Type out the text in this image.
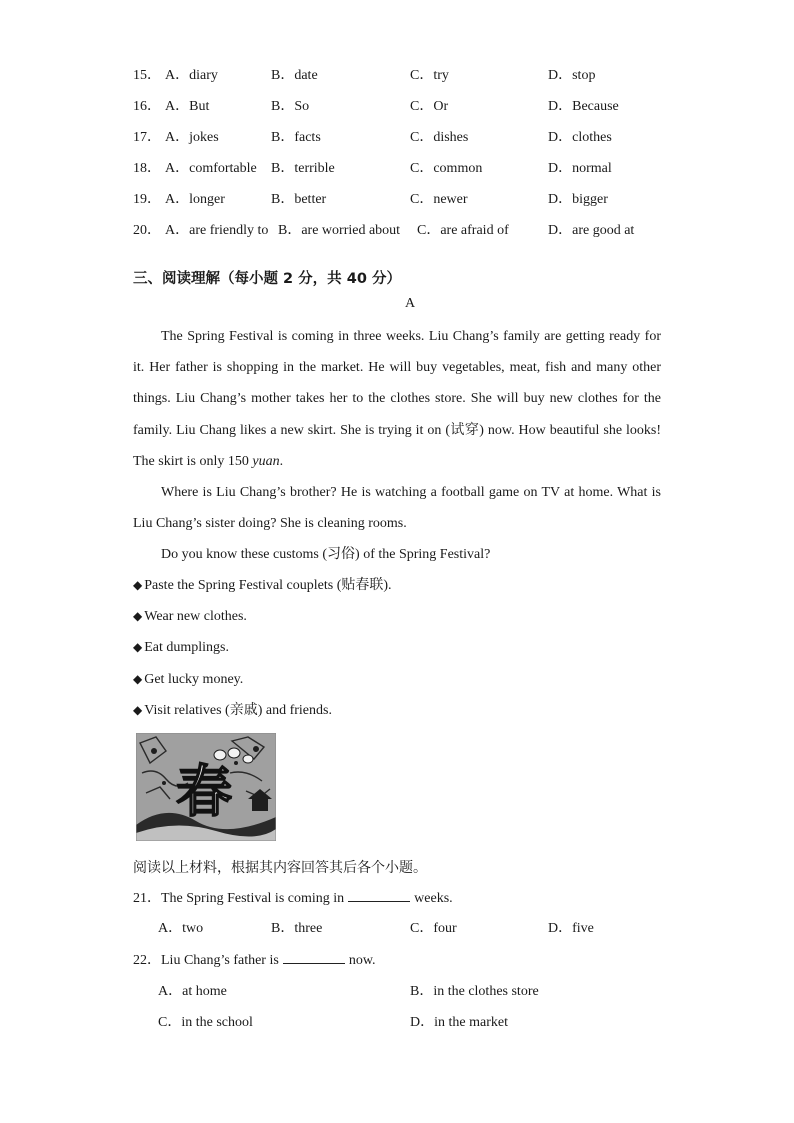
15． A．diary	B．date	C．try	D．stop
16． A．But	B．So	C．Or	D．Because
17． A．jokes	B．facts	C．dishes	D．clothes
18． A．comfortable B．terrible	C．common	D．normal
19． A．longer	B．better	C．newer	D．bigger
20． A．are friendly to B．are worried about C．are afraid of	D．are good at
三、阅读理解（每小题 2 分，共 40 分）
A
The Spring Festival is coming in three weeks. Liu Chang’s family are getting ready for it. Her father is shopping in the market. He will buy vegetables, meat, fish and many other things. Liu Chang’s mother takes her to the clothes store. She will buy new clothes for the family. Liu Chang likes a new skirt. She is trying it on (试穿) now. How beautiful she looks! The skirt is only 150 yuan.
Where is Liu Chang’s brother? He is watching a football game on TV at home. What is Liu Chang’s sister doing? She is cleaning rooms.
Do you know these customs (习俗) of the Spring Festival?
◆ Paste the Spring Festival couplets (贴春联).
◆ Wear new clothes.
◆ Eat dumplings.
◆ Get lucky money.
◆ Visit relatives (亲戚) and friends.
春
阅读以上材料，根据其内容回答其后各个小题。
21．The Spring Festival is coming in	weeks.
A．two	B．three	C．four	D．five
22．Liu Chang’s father is	now.
A．at home	B．in the clothes store
C．in the school	D．in the market
